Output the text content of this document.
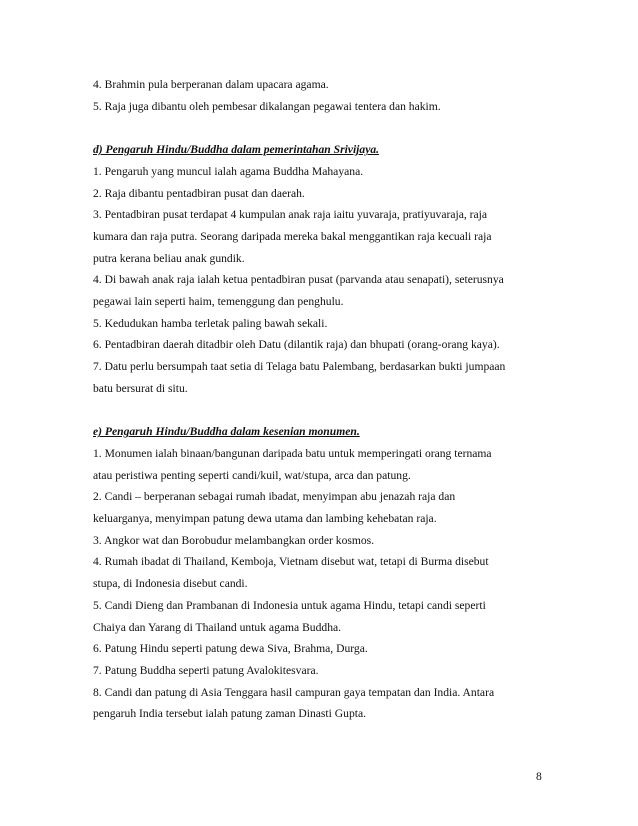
4. Brahmin pula berperanan dalam upacara agama.
5. Raja juga dibantu oleh pembesar dikalangan pegawai tentera dan hakim.
d) Pengaruh Hindu/Buddha dalam pemerintahan Srivijaya.
1. Pengaruh yang muncul ialah agama Buddha Mahayana.
2. Raja dibantu pentadbiran pusat dan daerah.
3. Pentadbiran pusat terdapat 4 kumpulan anak raja iaitu yuvaraja, pratiyuvaraja, raja
kumara dan raja putra. Seorang daripada mereka bakal menggantikan raja kecuali raja
putra kerana beliau anak gundik.
4. Di bawah anak raja ialah ketua pentadbiran pusat (parvanda atau senapati), seterusnya
pegawai lain seperti haim, temenggung dan penghulu.
5. Kedudukan hamba terletak paling bawah sekali.
6. Pentadbiran daerah ditadbir oleh Datu (dilantik raja) dan bhupati (orang-orang kaya).
7. Datu perlu bersumpah taat setia di Telaga batu Palembang, berdasarkan bukti jumpaan
batu bersurat di situ.
e) Pengaruh Hindu/Buddha dalam kesenian monumen.
1. Monumen ialah binaan/bangunan daripada batu untuk memperingati orang ternama
atau peristiwa penting seperti candi/kuil, wat/stupa, arca dan patung.
2. Candi – berperanan sebagai rumah ibadat, menyimpan abu jenazah raja dan
keluarganya, menyimpan patung dewa utama dan lambing kehebatan raja.
3. Angkor wat dan Borobudur melambangkan order kosmos.
4. Rumah ibadat di Thailand, Kemboja, Vietnam disebut wat, tetapi di Burma disebut
stupa, di Indonesia disebut candi.
5. Candi Dieng dan Prambanan di Indonesia untuk agama Hindu, tetapi candi seperti
Chaiya dan Yarang di Thailand untuk agama Buddha.
6. Patung Hindu seperti patung dewa Siva, Brahma, Durga.
7. Patung Buddha seperti patung Avalokitesvara.
8. Candi dan patung di Asia Tenggara hasil campuran gaya tempatan dan India. Antara
pengaruh India tersebut ialah patung zaman Dinasti Gupta.
8
